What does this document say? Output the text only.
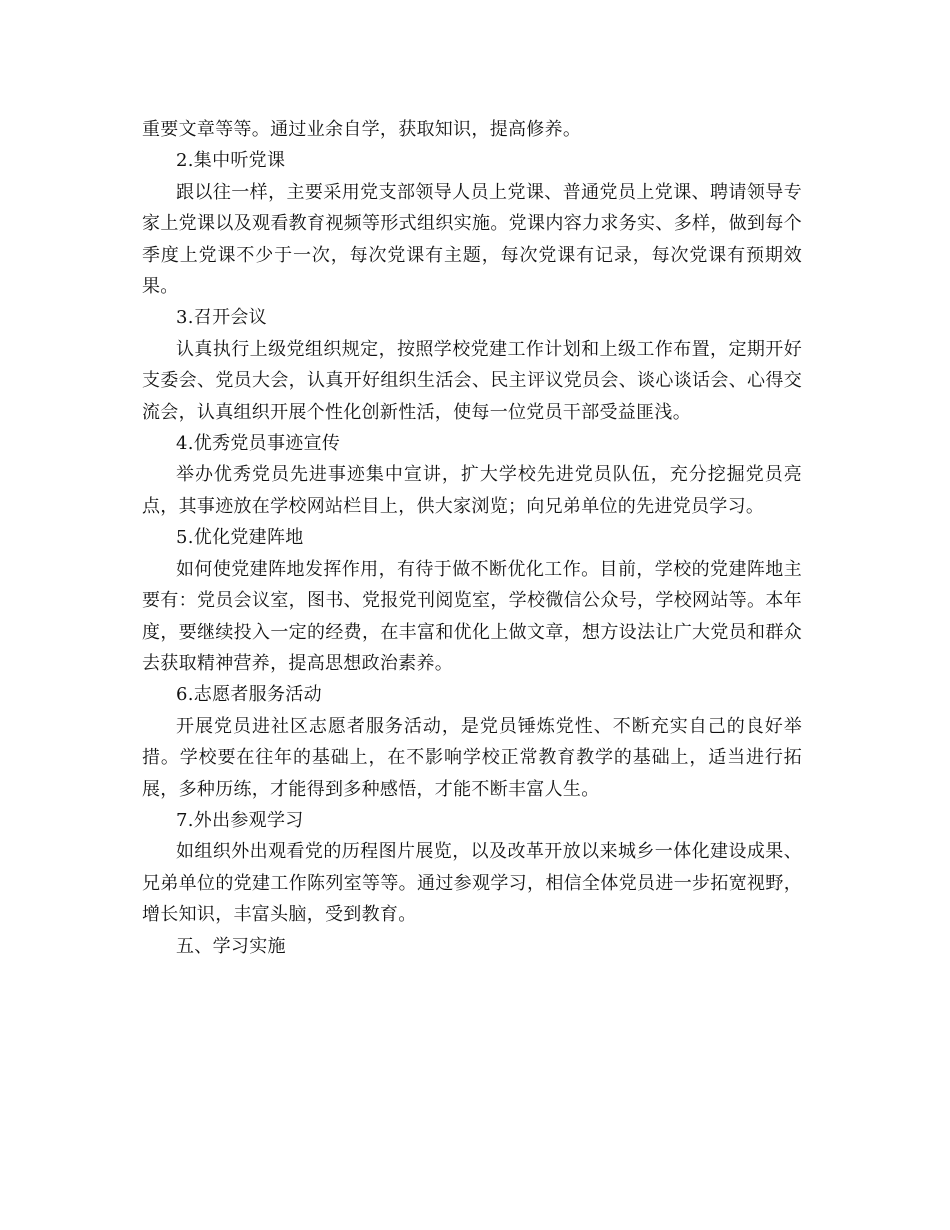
重要文章等等。通过业余自学，获取知识，提高修养。

2.集中听党课

跟以往一样，主要采用党支部领导人员上党课、普通党员上党课、聘请领导专家上党课以及观看教育视频等形式组织实施。党课内容力求务实、多样，做到每个季度上党课不少于一次，每次党课有主题，每次党课有记录，每次党课有预期效果。

3.召开会议

认真执行上级党组织规定，按照学校党建工作计划和上级工作布置，定期开好支委会、党员大会，认真开好组织生活会、民主评议党员会、谈心谈话会、心得交流会，认真组织开展个性化创新性活，使每一位党员干部受益匪浅。

4.优秀党员事迹宣传

举办优秀党员先进事迹集中宣讲，扩大学校先进党员队伍，充分挖掘党员亮点，其事迹放在学校网站栏目上，供大家浏览；向兄弟单位的先进党员学习。

5.优化党建阵地

如何使党建阵地发挥作用，有待于做不断优化工作。目前，学校的党建阵地主要有：党员会议室，图书、党报党刊阅览室，学校微信公众号，学校网站等。本年度，要继续投入一定的经费，在丰富和优化上做文章，想方设法让广大党员和群众去获取精神营养，提高思想政治素养。

6.志愿者服务活动

开展党员进社区志愿者服务活动，是党员锤炼党性、不断充实自己的良好举措。学校要在往年的基础上，在不影响学校正常教育教学的基础上，适当进行拓展，多种历练，才能得到多种感悟，才能不断丰富人生。

7.外出参观学习

如组织外出观看党的历程图片展览，以及改革开放以来城乡一体化建设成果、兄弟单位的党建工作陈列室等等。通过参观学习，相信全体党员进一步拓宽视野，增长知识，丰富头脑，受到教育。

五、学习实施
